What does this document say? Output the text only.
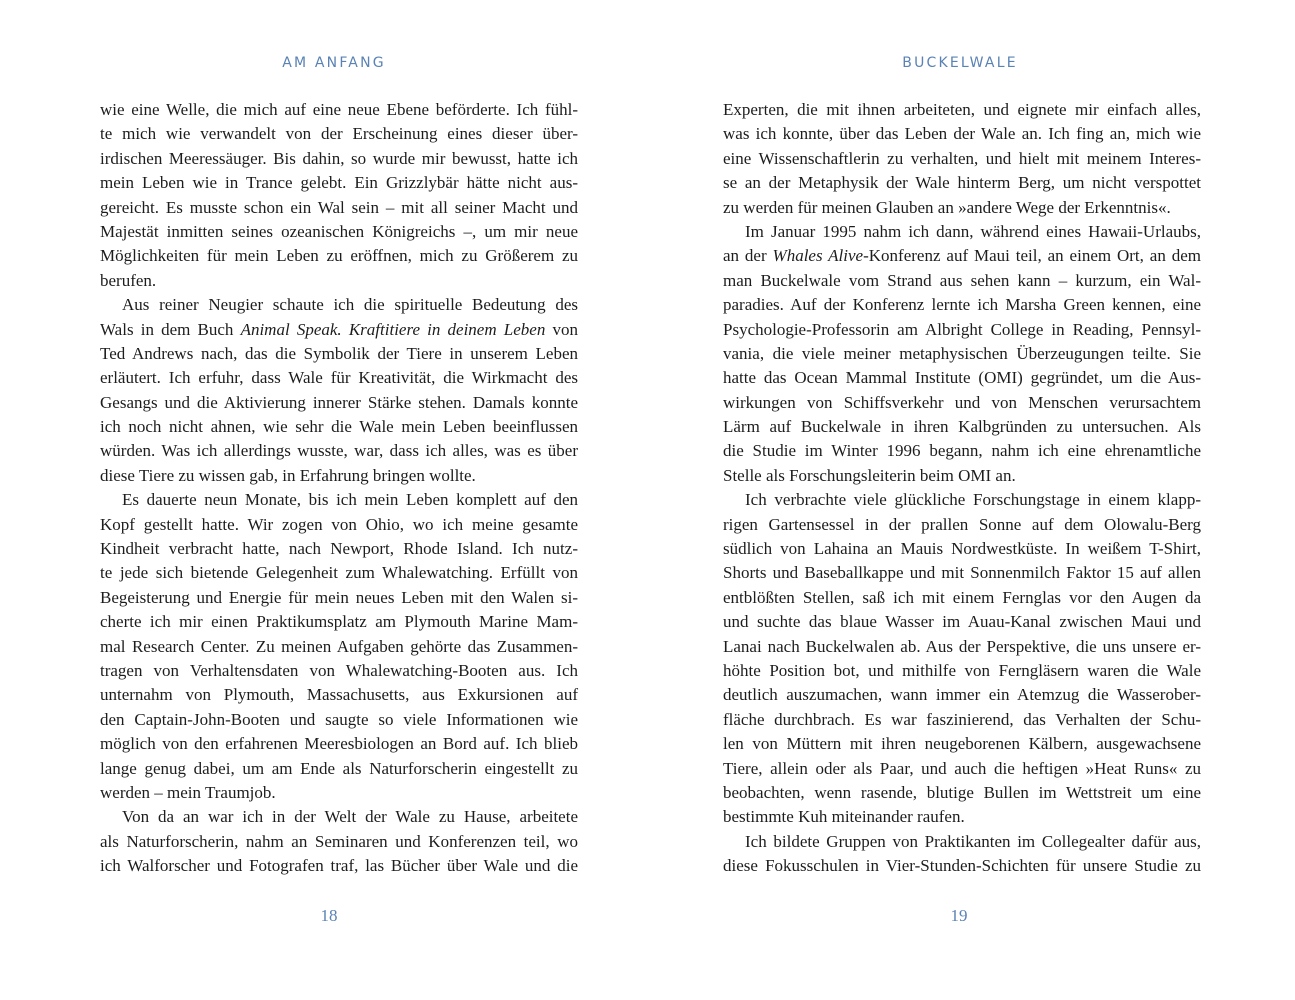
AM ANFANG
wie eine Welle, die mich auf eine neue Ebene beförderte. Ich fühl-
te mich wie verwandelt von der Erscheinung eines dieser über-
irdischen Meeressäuger. Bis dahin, so wurde mir bewusst, hatte ich
mein Leben wie in Trance gelebt. Ein Grizzlybär hätte nicht aus-
gereicht. Es musste schon ein Wal sein – mit all seiner Macht und
Majestät inmitten seines ozeanischen Königreichs –, um mir neue
Möglichkeiten für mein Leben zu eröffnen, mich zu Größerem zu
berufen.
Aus reiner Neugier schaute ich die spirituelle Bedeutung des
Wals in dem Buch Animal Speak. Kraftitiere in deinem Leben von
Ted Andrews nach, das die Symbolik der Tiere in unserem Leben
erläutert. Ich erfuhr, dass Wale für Kreativität, die Wirkmacht des
Gesangs und die Aktivierung innerer Stärke stehen. Damals konnte
ich noch nicht ahnen, wie sehr die Wale mein Leben beeinflussen
würden. Was ich allerdings wusste, war, dass ich alles, was es über
diese Tiere zu wissen gab, in Erfahrung bringen wollte.
Es dauerte neun Monate, bis ich mein Leben komplett auf den
Kopf gestellt hatte. Wir zogen von Ohio, wo ich meine gesamte
Kindheit verbracht hatte, nach Newport, Rhode Island. Ich nutz-
te jede sich bietende Gelegenheit zum Whalewatching. Erfüllt von
Begeisterung und Energie für mein neues Leben mit den Walen si-
cherte ich mir einen Praktikumsplatz am Plymouth Marine Mam-
mal Research Center. Zu meinen Aufgaben gehörte das Zusammen-
tragen von Verhaltensdaten von Whalewatching-Booten aus. Ich
unternahm von Plymouth, Massachusetts, aus Exkursionen auf
den Captain-John-Booten und saugte so viele Informationen wie
möglich von den erfahrenen Meeresbiologen an Bord auf. Ich blieb
lange genug dabei, um am Ende als Naturforscherin eingestellt zu
werden – mein Traumjob.
Von da an war ich in der Welt der Wale zu Hause, arbeitete
als Naturforscherin, nahm an Seminaren und Konferenzen teil, wo
ich Walforscher und Fotografen traf, las Bücher über Wale und die
18
BUCKELWALE
Experten, die mit ihnen arbeiteten, und eignete mir einfach alles,
was ich konnte, über das Leben der Wale an. Ich fing an, mich wie
eine Wissenschaftlerin zu verhalten, und hielt mit meinem Interes-
se an der Metaphysik der Wale hinterm Berg, um nicht verspottet
zu werden für meinen Glauben an »andere Wege der Erkenntnis«.
Im Januar 1995 nahm ich dann, während eines Hawaii-Urlaubs,
an der Whales Alive-Konferenz auf Maui teil, an einem Ort, an dem
man Buckelwale vom Strand aus sehen kann – kurzum, ein Wal-
paradies. Auf der Konferenz lernte ich Marsha Green kennen, eine
Psychologie-Professorin am Albright College in Reading, Pennsyl-
vania, die viele meiner metaphysischen Überzeugungen teilte. Sie
hatte das Ocean Mammal Institute (OMI) gegründet, um die Aus-
wirkungen von Schiffsverkehr und von Menschen verursachtem
Lärm auf Buckelwale in ihren Kalbgründen zu untersuchen. Als
die Studie im Winter 1996 begann, nahm ich eine ehrenamtliche
Stelle als Forschungsleiterin beim OMI an.
Ich verbrachte viele glückliche Forschungstage in einem klapp-
rigen Gartensessel in der prallen Sonne auf dem Olowalu-Berg
südlich von Lahaina an Mauis Nordwestküste. In weißem T-Shirt,
Shorts und Baseballkappe und mit Sonnenmilch Faktor 15 auf allen
entblößten Stellen, saß ich mit einem Fernglas vor den Augen da
und suchte das blaue Wasser im Auau-Kanal zwischen Maui und
Lanai nach Buckelwalen ab. Aus der Perspektive, die uns unsere er-
höhte Position bot, und mithilfe von Ferngläsern waren die Wale
deutlich auszumachen, wann immer ein Atemzug die Wasserober-
fläche durchbrach. Es war faszinierend, das Verhalten der Schu-
len von Müttern mit ihren neugeborenen Kälbern, ausgewachsene
Tiere, allein oder als Paar, und auch die heftigen »Heat Runs« zu
beobachten, wenn rasende, blutige Bullen im Wettstreit um eine
bestimmte Kuh miteinander raufen.
Ich bildete Gruppen von Praktikanten im Collegealter dafür aus,
diese Fokusschulen in Vier-Stunden-Schichten für unsere Studie zu
19
